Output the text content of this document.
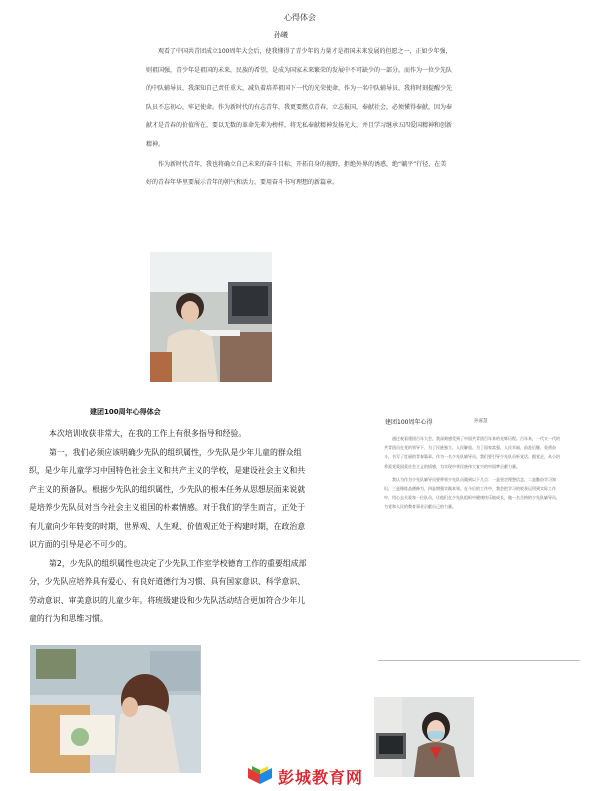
心得体会
孙曦

观看了中国共青团成立100周年大会后，使我懂得了青少年的力量才是祖国未来发展的但愿之一，正如少年强，则祖国强，青少年是祖国的未来，民族的希望，是成为国家未来繁荣的发展中不可缺少的一部分。而作为一位少先队的中队辅导员，我深知自己责任重大，减负着培养祖国下一代的光荣使命，作为一名中队辅导员，我将时刻提醒少先队员不忘初心，牢记使命。作为新时代的有志青年，我更要燃点青春，立志报国，奉献社会，必须懂得奉献，因为奉献才是青春的价值所在，要以无数的革命先辈为榜样，将无私奉献精神发扬光大，并且学习继承五四爱国精神和创新精神。

作为新时代青年，我也将确立自己未来的奋斗目标，开拓自身的视野，拒绝外界的诱惑，绝“躺平”行径，在美好的青春年华里要展示青年的朝气和活力，要用奋斗书写理想的新篇章。

建团100周年心得体会

本次培训收获非常大，在我的工作上有很多指导和经验。

第一，我们必须应该明确少先队的组织属性，少先队是少年儿童的群众组织，是少年儿童学习中国特色社会主义和共产主义的学校，是建设社会主义和共产主义的预备队。根据少先队的组织属性，少先队的根本任务从思想层面来说就是培养少先队员对当今社会主义祖国的朴素情感。对于我们的学生而言，正处于有儿童向少年转变的时期，世界观、人生观、价值观正处于构建时期，在政治意识方面的引导是必不可少的。

第2，少先队的组织属性也决定了少先队工作室学校德育工作的重要组成部分，少先队应培养具有爱心、有良好道德行为习惯、具有国家意识、科学意识、劳动意识、审美意识的儿童少年。将班级建设和少先队活动结合更加符合少年儿童的行为和思维习惯。

建团100周年心得	孙嘉慧

通过观看建团百年大会，我深刻感受到了中国共青团百年来的光辉历程。百年来，一代又一代的共青团员在党的领导下，为了民族独立、人民解放，为了国家富强、人民幸福，前赴后继、英勇奋斗，书写了壮丽的青春篇章。作为一名少先队辅导员，我们要引导少先队员听党话、跟党走，从小培养爱党爱国爱社会主义的情感，为实现中华民族伟大复兴的中国梦贡献力量。

我认为作为少先队辅导员要带领少先队员做到以下几点：一是坚定理想信念，二是勤奋学习知识，三是锤炼品德修为，四是增强实践本领。在今后的工作中，我会把学习的收获运用到实际工作中，用心去关爱每一位队员，让他们在少先队组织中健康快乐地成长，做一名合格的少先队辅导员，为党和人民的教育事业贡献自己的力量。

彭城教育网
